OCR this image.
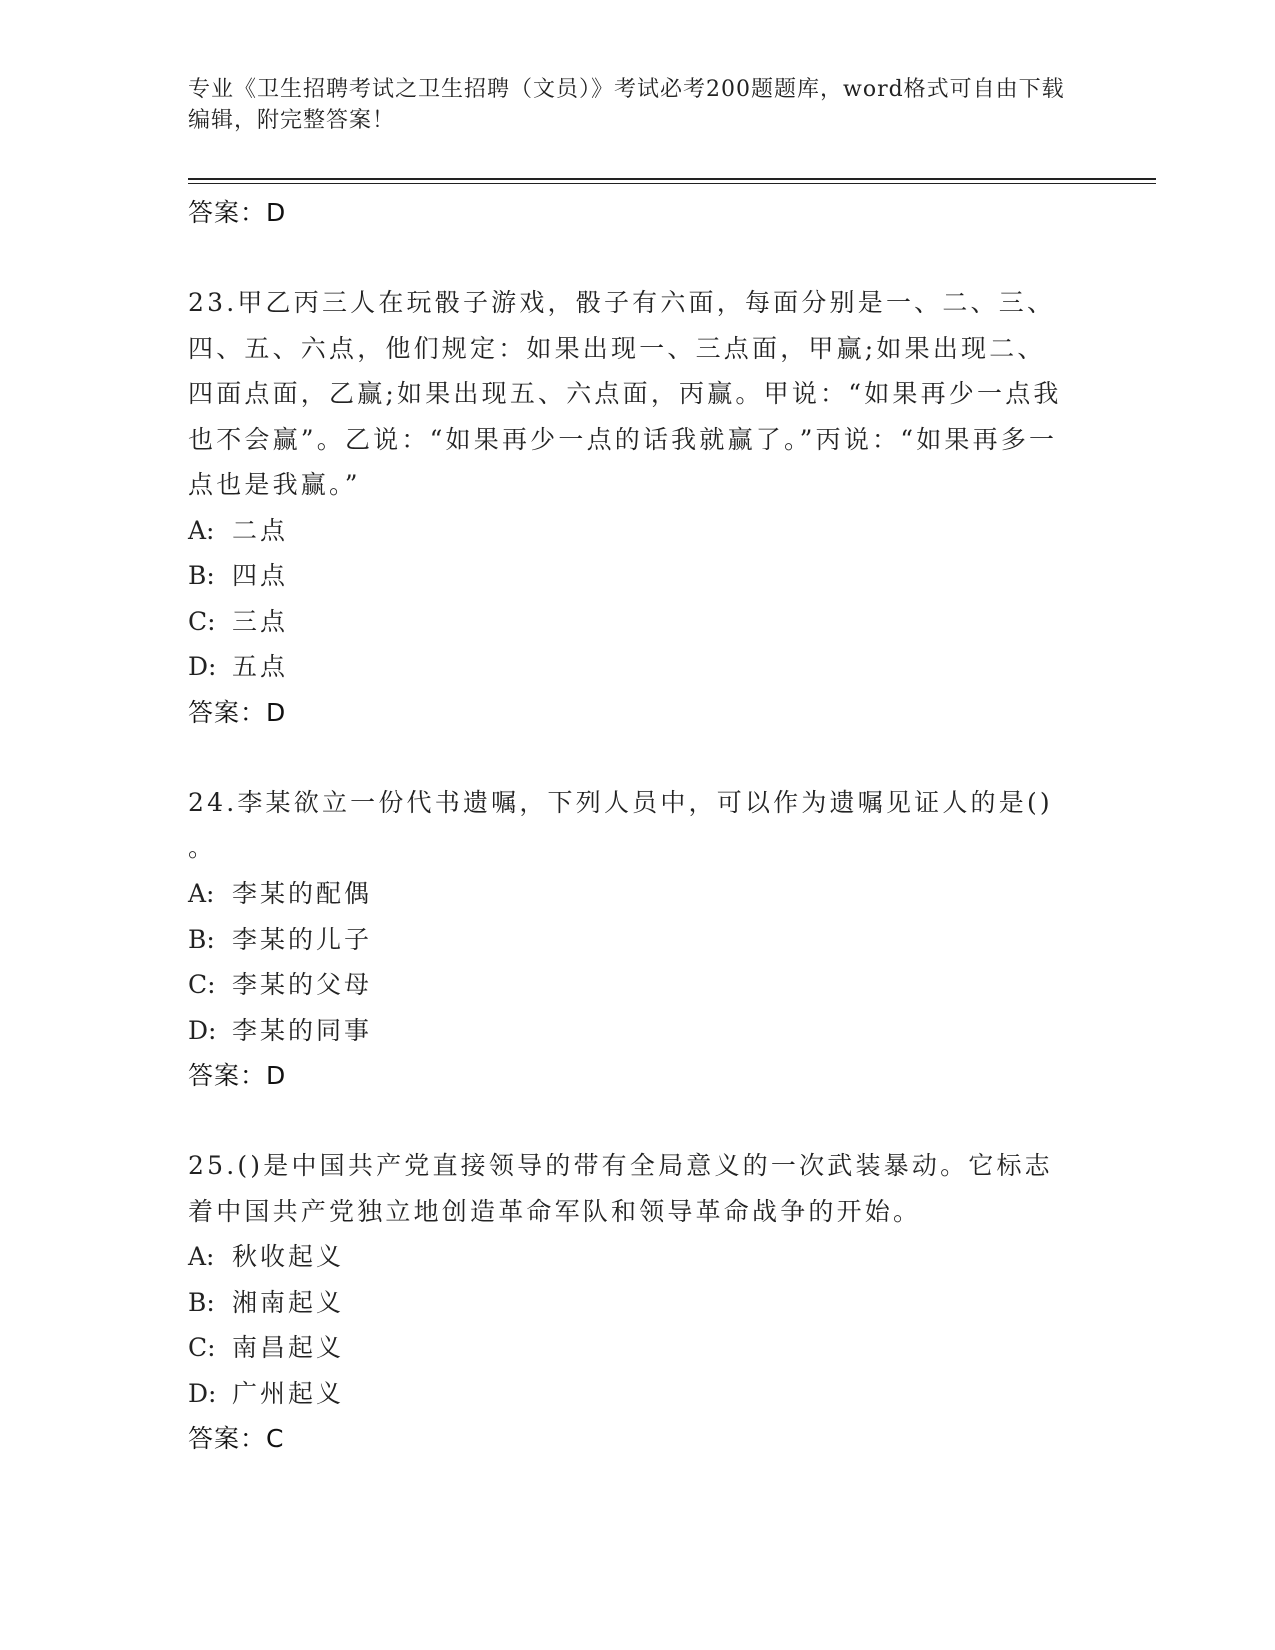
专业《卫生招聘考试之卫生招聘（文员）》考试必考200题题库，word格式可自由下载编辑，附完整答案！
答案：D
23.甲乙丙三人在玩骰子游戏，骰子有六面，每面分别是一、二、三、四、五、六点，他们规定：如果出现一、三点面，甲赢;如果出现二、四面点面，乙赢;如果出现五、六点面，丙赢。甲说：“如果再少一点我也不会赢”。乙说：“如果再少一点的话我就赢了。”丙说：“如果再多一点也是我赢。”
A: 二点
B: 四点
C: 三点
D: 五点
答案：D
24.李某欲立一份代书遗嘱，下列人员中，可以作为遗嘱见证人的是()
。
A: 李某的配偶
B: 李某的儿子
C: 李某的父母
D: 李某的同事
答案：D
25.()是中国共产党直接领导的带有全局意义的一次武装暴动。它标志着中国共产党独立地创造革命军队和领导革命战争的开始。
A: 秋收起义
B: 湘南起义
C: 南昌起义
D: 广州起义
答案：C
